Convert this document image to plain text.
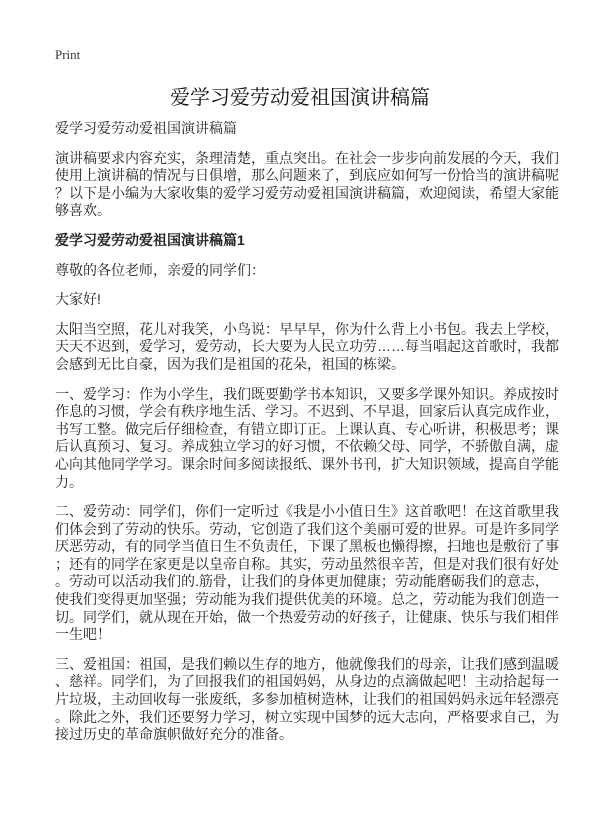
Print
爱学习爱劳动爱祖国演讲稿篇

爱学习爱劳动爱祖国演讲稿篇

演讲稿要求内容充实，条理清楚，重点突出。在社会一步步向前发展的今天，我们
使用上演讲稿的情况与日俱增，那么问题来了，到底应如何写一份恰当的演讲稿呢
？以下是小编为大家收集的爱学习爱劳动爱祖国演讲稿篇，欢迎阅读，希望大家能
够喜欢。

爱学习爱劳动爱祖国演讲稿篇1

尊敬的各位老师，亲爱的同学们：

大家好!

太阳当空照，花儿对我笑，小鸟说：早早早，你为什么背上小书包。我去上学校，
天天不迟到，爱学习，爱劳动，长大要为人民立功劳……每当唱起这首歌时，我都
会感到无比自豪，因为我们是祖国的花朵，祖国的栋梁。

一、爱学习：作为小学生，我们既要勤学书本知识，又要多学课外知识。养成按时
作息的习惯，学会有秩序地生活、学习。不迟到、不早退，回家后认真完成作业，
书写工整。做完后仔细检查，有错立即订正。上课认真、专心听讲，积极思考；课
后认真预习、复习。养成独立学习的好习惯，不依赖父母、同学，不骄傲自满，虚
心向其他同学学习。课余时间多阅读报纸、课外书刊，扩大知识领域，提高自学能
力。

二、爱劳动：同学们，你们一定听过《我是小小值日生》这首歌吧！在这首歌里我
们体会到了劳动的快乐。劳动，它创造了我们这个美丽可爱的世界。可是许多同学
厌恶劳动，有的同学当值日生不负责任，下课了黑板也懒得擦，扫地也是敷衍了事
；还有的同学在家更是以皇帝自称。其实，劳动虽然很辛苦，但是对我们很有好处
。劳动可以活动我们的.筋骨，让我们的身体更加健康；劳动能磨砺我们的意志，
使我们变得更加坚强；劳动能为我们提供优美的环境。总之，劳动能为我们创造一
切。同学们，就从现在开始，做一个热爱劳动的好孩子，让健康、快乐与我们相伴
一生吧！

三、爱祖国：祖国，是我们赖以生存的地方，他就像我们的母亲，让我们感到温暖
、慈祥。同学们，为了回报我们的祖国妈妈，从身边的点滴做起吧！主动拾起每一
片垃圾，主动回收每一张废纸，多参加植树造林，让我们的祖国妈妈永远年轻漂亮
。除此之外，我们还要努力学习，树立实现中国梦的远大志向，严格要求自己，为
接过历史的革命旗帜做好充分的准备。
